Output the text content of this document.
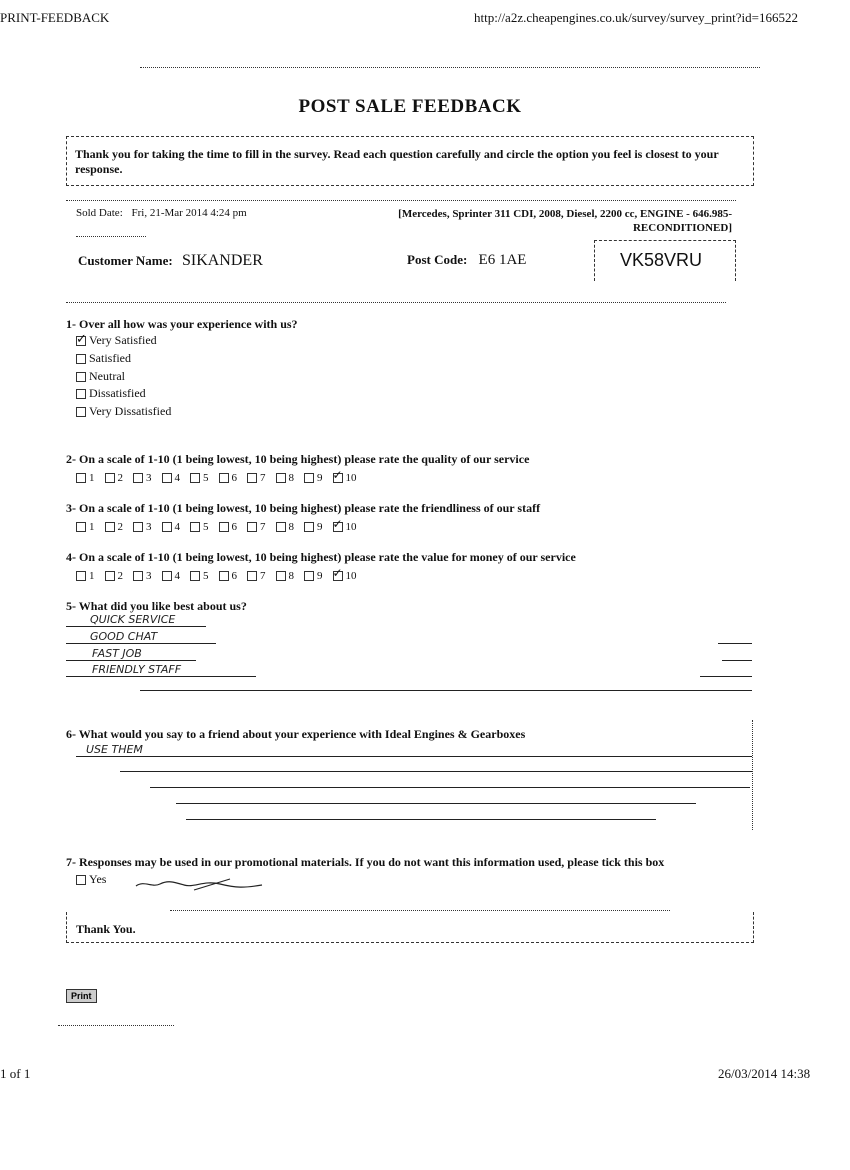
PRINT-FEEDBACK	http://a2z.cheapengines.co.uk/survey/survey_print?id=166522
POST SALE FEEDBACK
Thank you for taking the time to fill in the survey. Read each question carefully and circle the option you feel is closest to your response.
Sold Date: Fri, 21-Mar 2014 4:24 pm	[Mercedes, Sprinter 311 CDI, 2008, Diesel, 2200 cc, ENGINE - 646.985-
RECONDITIONED]
Customer Name: SIKANDER	Post Code: E6 1AE	VK58VRU
1- Over all how was your experience with us?
✓ Very Satisfied
Satisfied
Neutral
Dissatisfied
Very Dissatisfied
2- On a scale of 1-10 (1 being lowest, 10 being highest) please rate the quality of our service
1 2 3 4 5 6 7 8 9 ✓ 10
3- On a scale of 1-10 (1 being lowest, 10 being highest) please rate the friendliness of our staff
1 2 3 4 5 6 7 8 9 ✓ 10
4- On a scale of 1-10 (1 being lowest, 10 being highest) please rate the value for money of our service
1 2 3 4 5 6 7 8 9 ✓ 10
5- What did you like best about us?
QUICK SERVICE
GOOD CHAT
FAST JOB
FRIENDLY STAFF
6- What would you say to a friend about your experience with Ideal Engines & Gearboxes
USE THEM
7- Responses may be used in our promotional materials. If you do not want this information used, please tick this box
Yes
Thank You.
Print
1 of 1	26/03/2014 14:38
